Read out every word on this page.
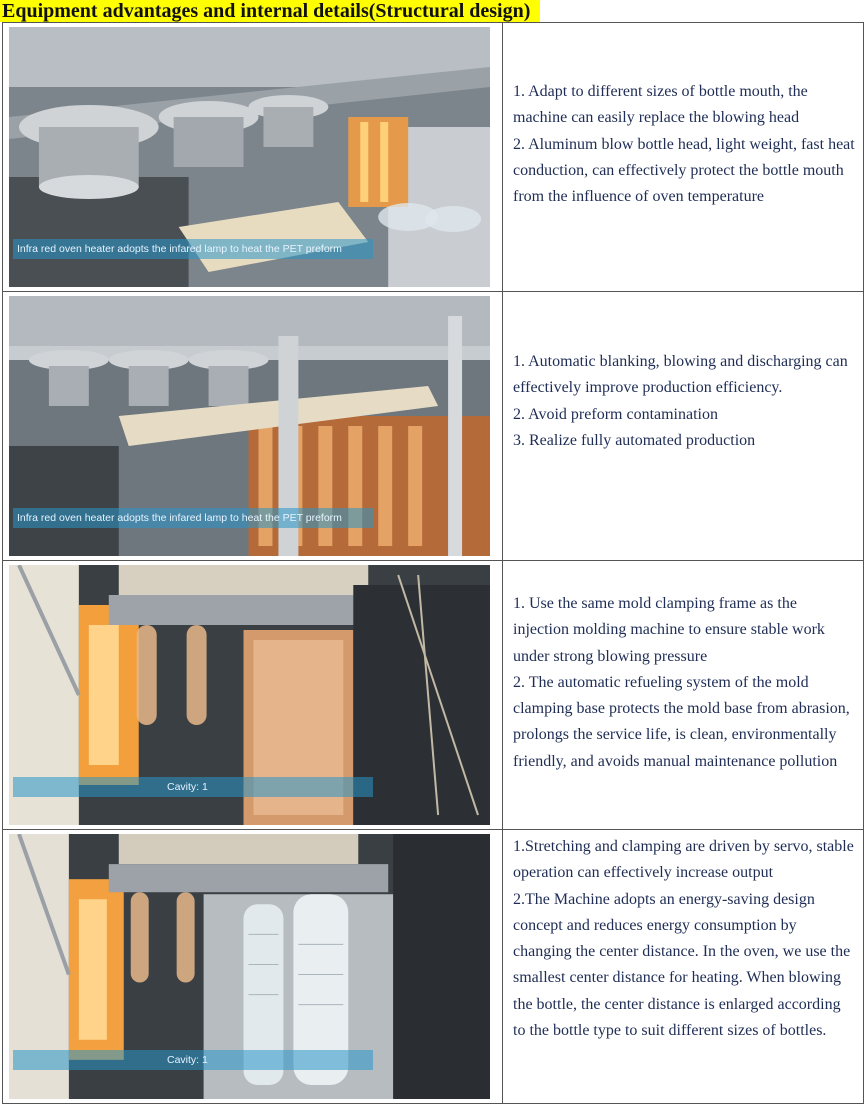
Equipment advantages and internal details(Structural design)
Infra red oven heater adopts the infared lamp to heat the PET preform

1. Adapt to different sizes of bottle mouth, the machine can easily replace the blowing head

2. Aluminum blow bottle head, light weight, fast heat conduction, can effectively protect the bottle mouth from the influence of oven temperature

Infra red oven heater adopts the infared lamp to heat the PET preform

1. Automatic blanking, blowing and discharging can effectively improve production efficiency.

2. Avoid preform contamination

3. Realize fully automated production

Cavity: 1

1. Use the same mold clamping frame as the injection molding machine to ensure stable work under strong blowing pressure

2. The automatic refueling system of the mold clamping base protects the mold base from abrasion, prolongs the service life, is clean, environmentally friendly, and avoids manual maintenance pollution

Cavity: 1

1.Stretching and clamping are driven by servo, stable operation can effectively increase output

2.The Machine adopts an energy-saving design concept and reduces energy consumption by changing the center distance. In the oven, we use the smallest center distance for heating. When blowing the bottle, the center distance is enlarged according to the bottle type to suit different sizes of bottles.
